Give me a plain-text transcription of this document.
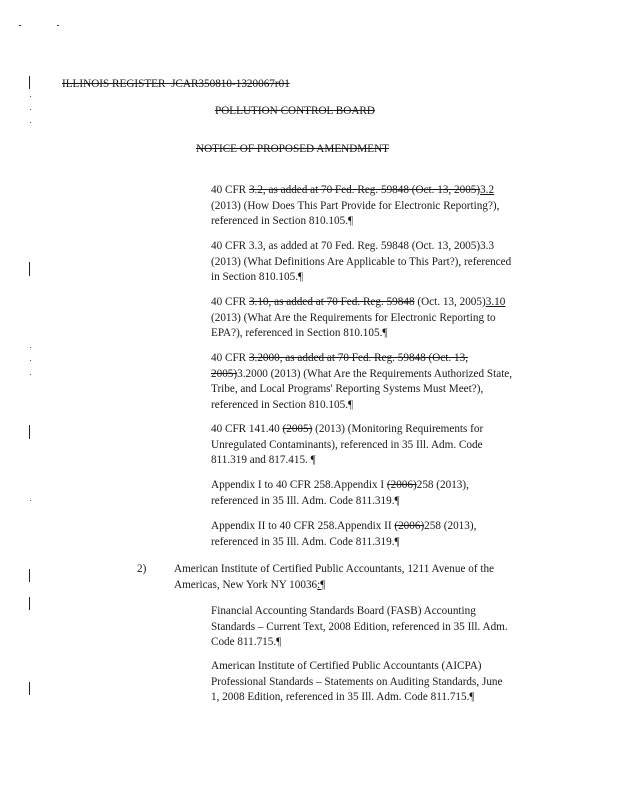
ILLINOIS REGISTER JCAR350810-1320067r01
POLLUTION CONTROL BOARD
NOTICE OF PROPOSED AMENDMENT

40 CFR 3.2, as added at 70 Fed. Reg. 59848 (Oct. 13, 2005)3.2

(2013) (How Does This Part Provide for Electronic Reporting?),

referenced in Section 810.105.¶

40 CFR 3.3, as added at 70 Fed. Reg. 59848 (Oct. 13, 2005)3.3

(2013) (What Definitions Are Applicable to This Part?), referenced

in Section 810.105.¶

40 CFR 3.10, as added at 70 Fed. Reg. 59848 (Oct. 13, 2005)3.10

(2013) (What Are the Requirements for Electronic Reporting to

EPA?), referenced in Section 810.105.¶

40 CFR 3.2000, as added at 70 Fed. Reg. 59848 (Oct. 13,

2005)3.2000 (2013) (What Are the Requirements Authorized State,

Tribe, and Local Programs' Reporting Systems Must Meet?),

referenced in Section 810.105.¶

40 CFR 141.40 (2005) (2013) (Monitoring Requirements for

Unregulated Contaminants), referenced in 35 Ill. Adm. Code

811.319 and 817.415. ¶

Appendix I to 40 CFR 258.Appendix I (2006)258 (2013),

referenced in 35 Ill. Adm. Code 811.319.¶

Appendix II to 40 CFR 258.Appendix II (2006)258 (2013),

referenced in 35 Ill. Adm. Code 811.319.¶

2) American Institute of Certified Public Accountants, 1211 Avenue of the

Americas, New York NY 10036:¶

Financial Accounting Standards Board (FASB) Accounting

Standards – Current Text, 2008 Edition, referenced in 35 Ill. Adm.

Code 811.715.¶

American Institute of Certified Public Accountants (AICPA)

Professional Standards – Statements on Auditing Standards, June

1, 2008 Edition, referenced in 35 Ill. Adm. Code 811.715.¶
